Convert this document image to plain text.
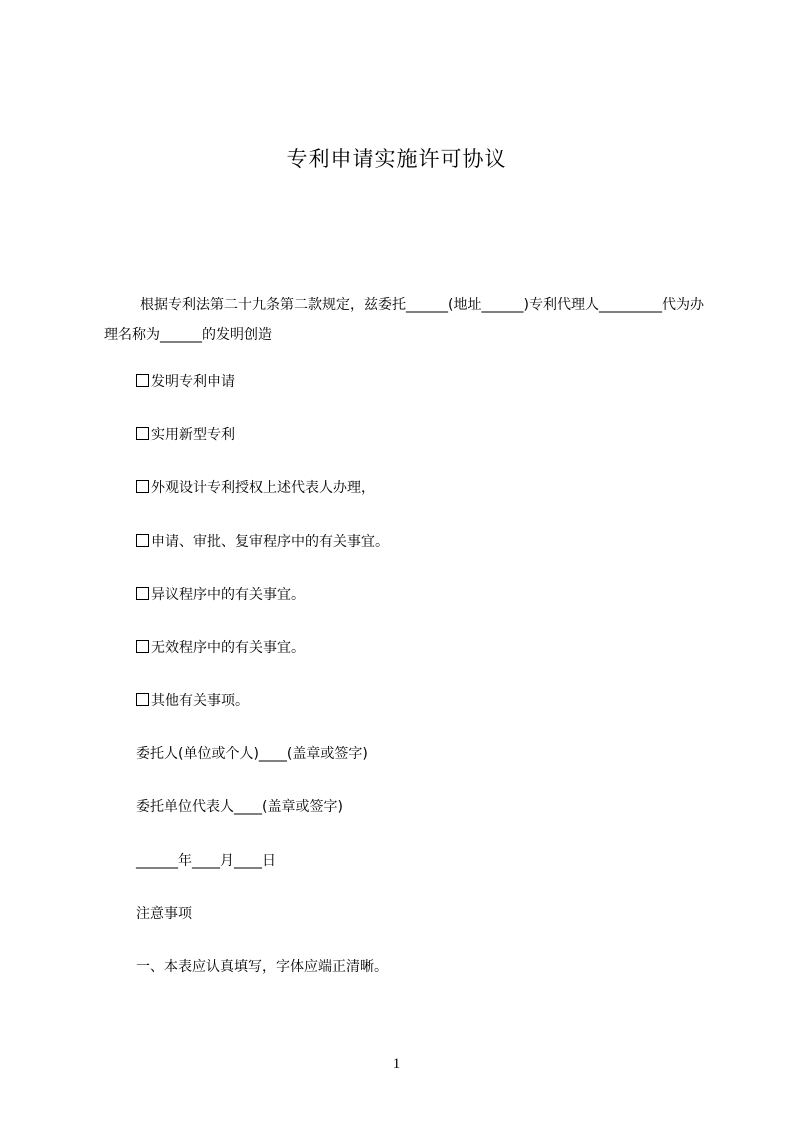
专利申请实施许可协议
根据专利法第二十九条第二款规定，兹委托______(地址______)专利代理人_________代为办理名称为______的发明创造
发明专利申请
实用新型专利
外观设计专利授权上述代表人办理，
申请、审批、复审程序中的有关事宜。
异议程序中的有关事宜。
无效程序中的有关事宜。
其他有关事项。
委托人(单位或个人)____(盖章或签字)
委托单位代表人____(盖章或签字)
______年____月____日
注意事项
一、本表应认真填写，字体应端正清晰。
1
